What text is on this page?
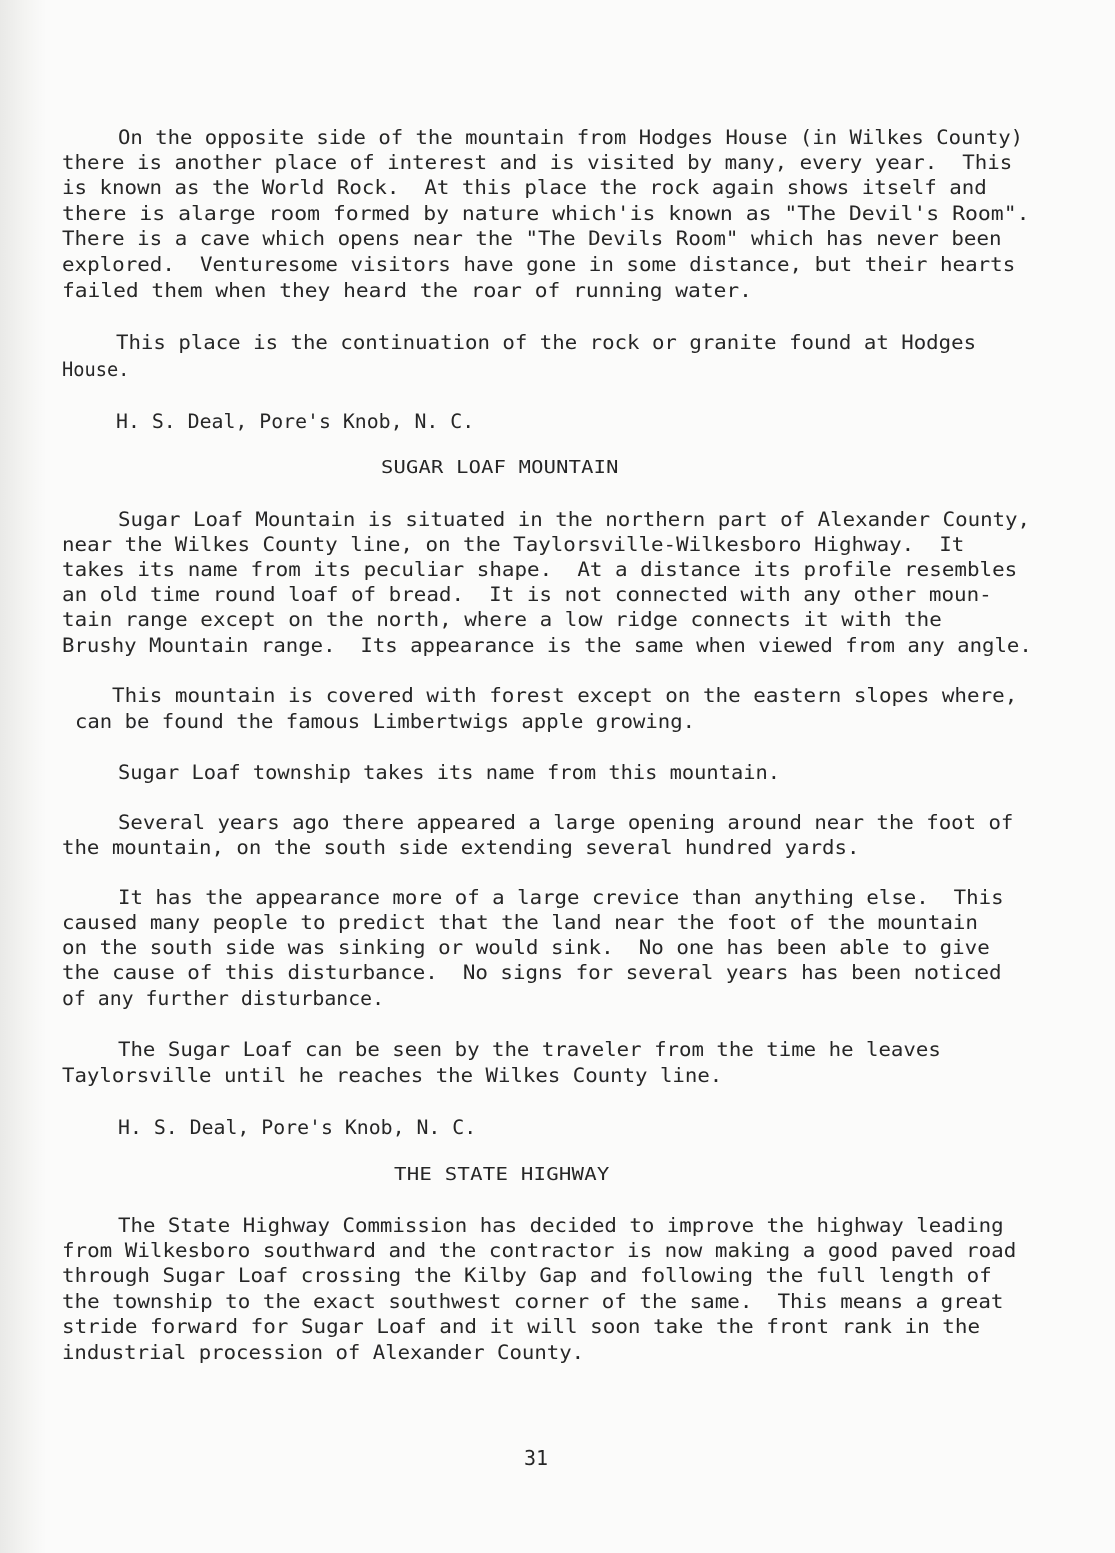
On the opposite side of the mountain from Hodges House (in Wilkes County)
there is another place of interest and is visited by many, every year.  This
is known as the World Rock.  At this place the rock again shows itself and
there is alarge room formed by nature which'is known as "The Devil's Room".
There is a cave which opens near the "The Devils Room" which has never been
explored.  Venturesome visitors have gone in some distance, but their hearts
failed them when they heard the roar of running water.
This place is the continuation of the rock or granite found at Hodges
House.
H. S. Deal, Pore's Knob, N. C.
SUGAR LOAF MOUNTAIN
Sugar Loaf Mountain is situated in the northern part of Alexander County,
near the Wilkes County line, on the Taylorsville-Wilkesboro Highway.  It
takes its name from its peculiar shape.  At a distance its profile resembles
an old time round loaf of bread.  It is not connected with any other moun-
tain range except on the north, where a low ridge connects it with the
Brushy Mountain range.  Its appearance is the same when viewed from any angle.
This mountain is covered with forest except on the eastern slopes where,
can be found the famous Limbertwigs apple growing.
Sugar Loaf township takes its name from this mountain.
Several years ago there appeared a large opening around near the foot of
the mountain, on the south side extending several hundred yards.
It has the appearance more of a large crevice than anything else.  This
caused many people to predict that the land near the foot of the mountain
on the south side was sinking or would sink.  No one has been able to give
the cause of this disturbance.  No signs for several years has been noticed
of any further disturbance.
The Sugar Loaf can be seen by the traveler from the time he leaves
Taylorsville until he reaches the Wilkes County line.
H. S. Deal, Pore's Knob, N. C.
THE STATE HIGHWAY
The State Highway Commission has decided to improve the highway leading
from Wilkesboro southward and the contractor is now making a good paved road
through Sugar Loaf crossing the Kilby Gap and following the full length of
the township to the exact southwest corner of the same.  This means a great
stride forward for Sugar Loaf and it will soon take the front rank in the
industrial procession of Alexander County.
31
